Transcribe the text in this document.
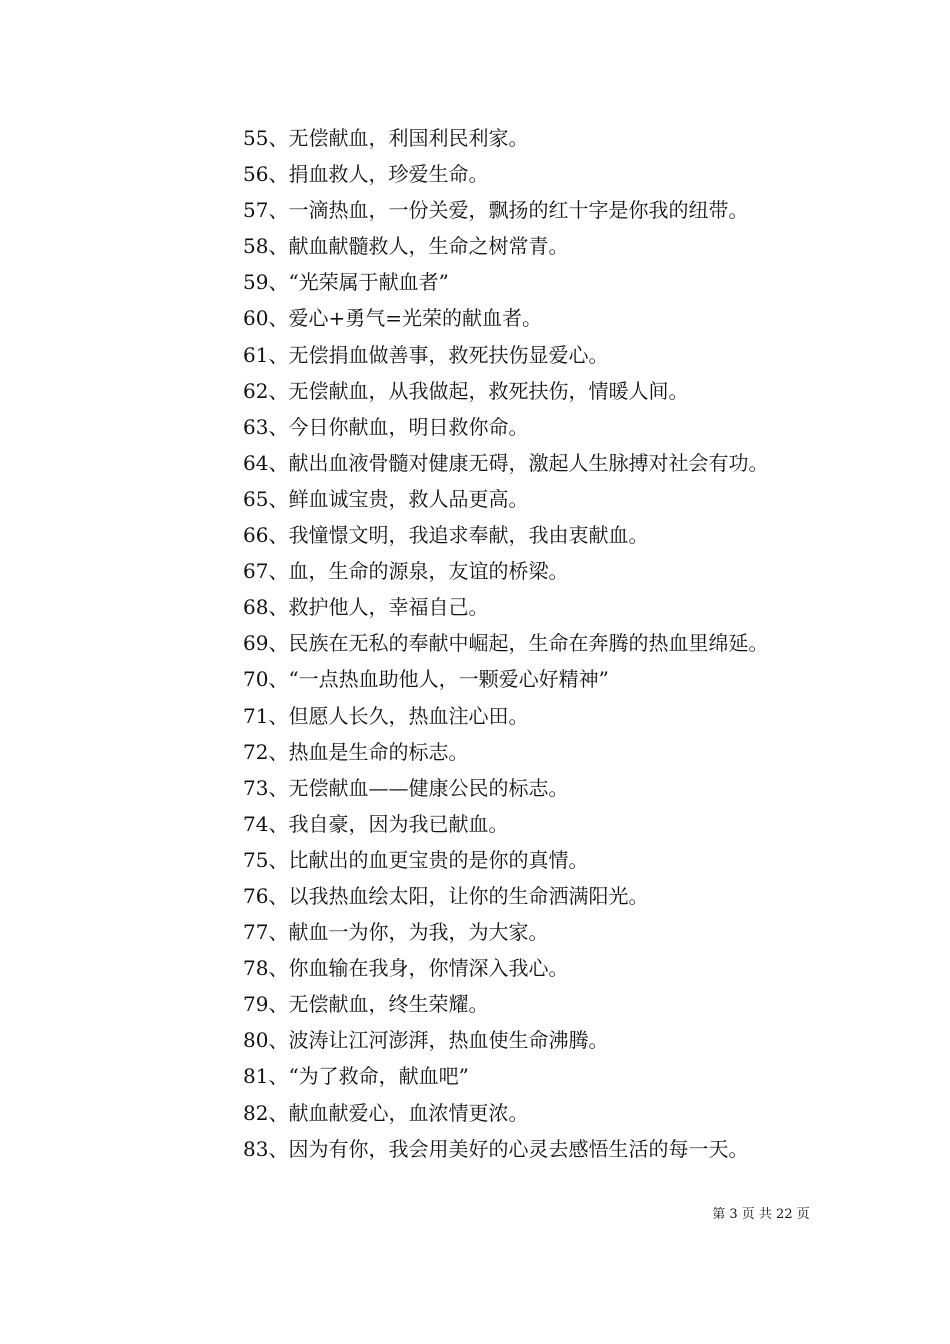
55、无偿献血，利国利民利家。
56、捐血救人，珍爱生命。
57、一滴热血，一份关爱，飘扬的红十字是你我的纽带。
58、献血献髓救人，生命之树常青。
59、“光荣属于献血者”
60、爱心+勇气=光荣的献血者。
61、无偿捐血做善事，救死扶伤显爱心。
62、无偿献血，从我做起，救死扶伤，情暖人间。
63、今日你献血，明日救你命。
64、献出血液骨髓对健康无碍，激起人生脉搏对社会有功。
65、鲜血诚宝贵，救人品更高。
66、我憧憬文明，我追求奉献，我由衷献血。
67、血，生命的源泉，友谊的桥梁。
68、救护他人，幸福自己。
69、民族在无私的奉献中崛起，生命在奔腾的热血里绵延。
70、“一点热血助他人，一颗爱心好精神”
71、但愿人长久，热血注心田。
72、热血是生命的标志。
73、无偿献血——健康公民的标志。
74、我自豪，因为我已献血。
75、比献出的血更宝贵的是你的真情。
76、以我热血绘太阳，让你的生命洒满阳光。
77、献血一为你，为我，为大家。
78、你血输在我身，你情深入我心。
79、无偿献血，终生荣耀。
80、波涛让江河澎湃，热血使生命沸腾。
81、“为了救命，献血吧”
82、献血献爱心，血浓情更浓。
83、因为有你，我会用美好的心灵去感悟生活的每一天。
第 3 页 共 22 页
